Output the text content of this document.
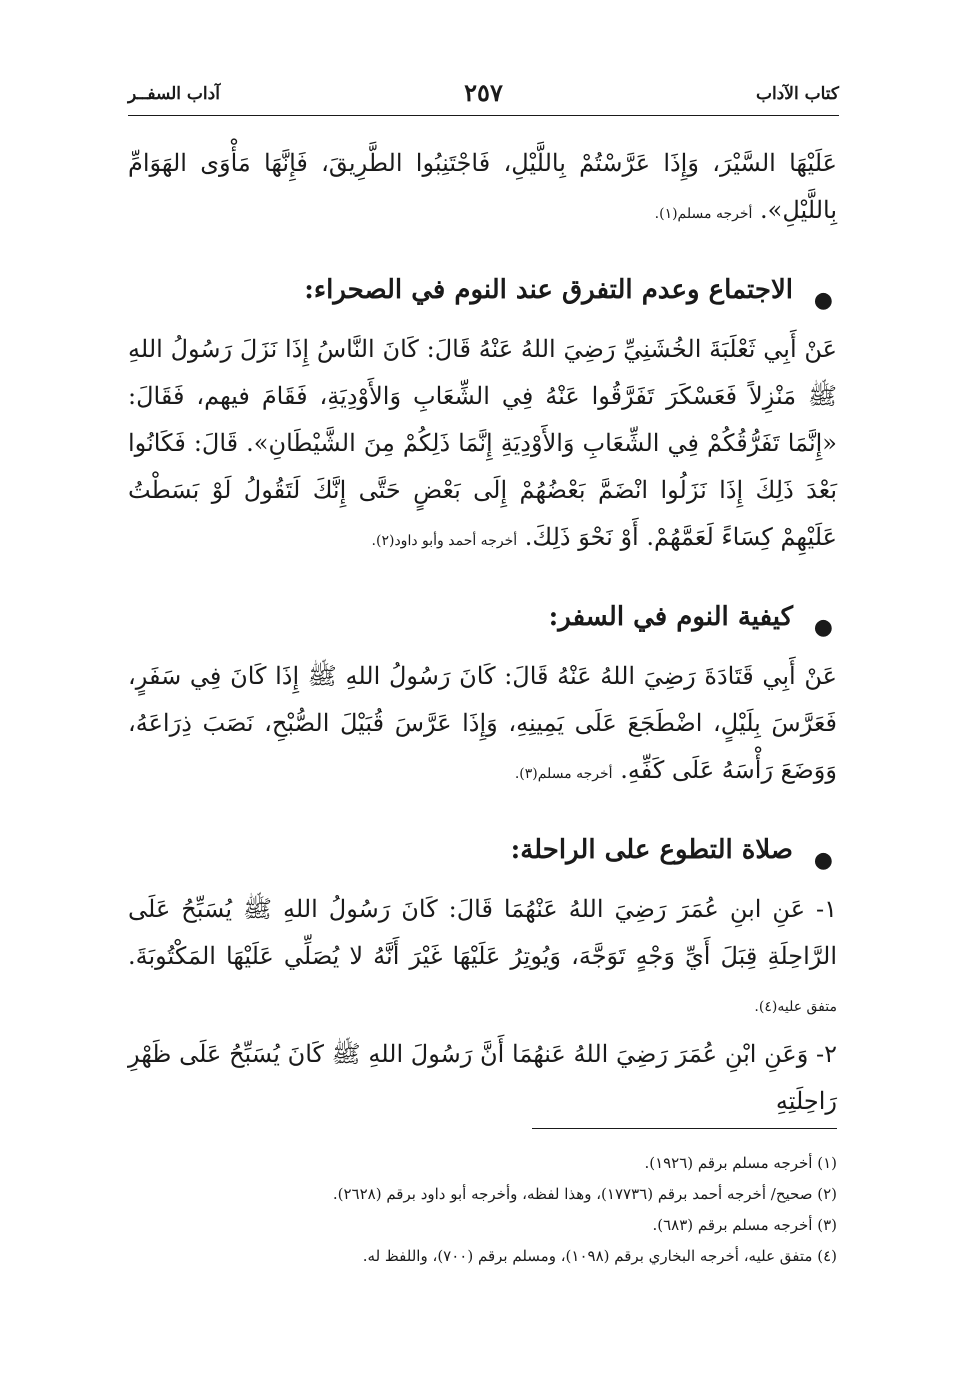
كتاب الآداب
٢٥٧
آداب السفــر

عَلَيْهَا السَّيْرَ، وَإِذَا عَرَّسْتُمْ بِاللَّيْلِ، فَاجْتَنِبُوا الطَّرِيقَ، فَإِنَّهَا مَأْوَى الهَوَامِّ بِاللَّيْلِ». أخرجه مسلم(١).

●
الاجتماع وعدم التفرق عند النوم في الصحراء:

عَنْ أَبِي ثَعْلَبَةَ الخُشَنِيِّ رَضِيَ اللهُ عَنْهُ قَالَ: كَانَ النَّاسُ إِذَا نَزَلَ رَسُولُ اللهِ ﷺ مَنْزِلاً فَعَسْكَرَ تَفَرَّقُوا عَنْهُ فِي الشِّعَابِ وَالأَوْدِيَةِ، فَقَامَ فيهم، فَقَالَ: «إِنَّمَا تَفَرُّقُكُمْ فِي الشِّعَابِ وَالأَوْدِيَةِ إِنَّمَا ذَلِكُمْ مِنَ الشَّيْطَانِ». قَالَ: فَكَانُوا بَعْدَ ذَلِكَ إِذَا نَزَلُوا انْضَمَّ بَعْضُهُمْ إِلَى بَعْضٍ حَتَّى إِنَّكَ لَتَقُولُ لَوْ بَسَطْتُ عَلَيْهِمْ كِسَاءً لَعَمَّهُمْ. أَوْ نَحْوَ ذَلِكَ. أخرجه أحمد وأبو داود(٢).

●
كيفية النوم في السفر:

عَنْ أَبِي قَتَادَةَ رَضِيَ اللهُ عَنْهُ قَالَ: كَانَ رَسُولُ اللهِ ﷺ إِذَا كَانَ فِي سَفَرٍ، فَعَرَّسَ بِلَيْلٍ، اضْطَجَعَ عَلَى يَمِينِهِ، وَإِذَا عَرَّسَ قُبَيْلَ الصُّبْحِ، نَصَبَ ذِرَاعَهُ، وَوَضَعَ رَأْسَهُ عَلَى كَفِّهِ. أخرجه مسلم(٣).

●
صلاة التطوع على الراحلة:

١- عَنِ ابنِ عُمَرَ رَضِيَ اللهُ عَنْهُمَا قَالَ: كَانَ رَسُولُ اللهِ ﷺ يُسَبِّحُ عَلَى الرَّاحِلَةِ قِبَلَ أَيِّ وَجْهٍ تَوَجَّهَ، وَيُوتِرُ عَلَيْهَا غَيْرَ أَنَّهُ لا يُصَلِّي عَلَيْهَا المَكْتُوبَةَ. متفق عليه(٤).

٢- وَعَنِ ابْنِ عُمَرَ رَضِيَ اللهُ عَنهُمَا أَنَّ رَسُولَ اللهِ ﷺ كَانَ يُسَبِّحُ عَلَى ظَهْرِ رَاحِلَتِهِ

(١) أخرجه مسلم برقم (١٩٢٦).
(٢) صحيح/ أخرجه أحمد برقم (١٧٧٣٦)، وهذا لفظه، وأخرجه أبو داود برقم (٢٦٢٨).
(٣) أخرجه مسلم برقم (٦٨٣).
(٤) متفق عليه، أخرجه البخاري برقم (١٠٩٨)، ومسلم برقم (٧٠٠)، واللفظ له.
